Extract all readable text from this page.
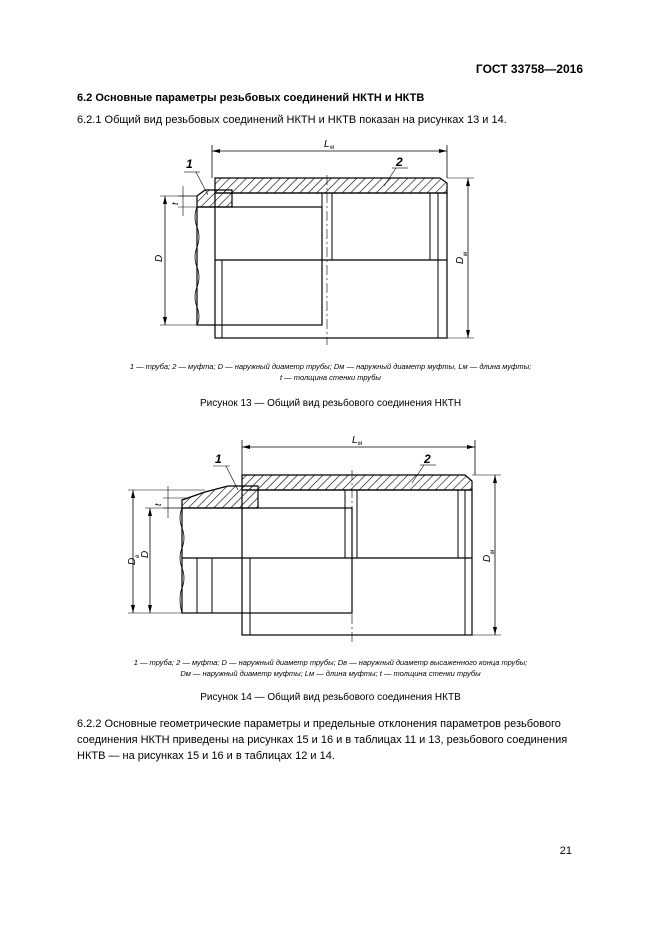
ГОСТ 33758—2016
6.2 Основные параметры резьбовых соединений НКТН и НКТВ
6.2.1 Общий вид резьбовых соединений НКТН и НКТВ показан на рисунках 13 и 14.
D
t
D
м
L м
1	2
1 — труба; 2 — муфта; D — наружный диаметр трубы; Dм — наружный диаметр муфты, Lм — длина муфты;
t — толщина стенки трубы
Рисунок 13 — Общий вид резьбового соединения НКТН
D
в D
t
D
м
L м
1	2
1 — труба; 2 — муфта; D — наружный диаметр трубы; Dв — наружный диаметр высаженного конца трубы;
Dм — наружный диаметр муфты; Lм — длина муфты; t — толщина стенки трубы
Рисунок 14 — Общий вид резьбового соединения НКТВ
6.2.2 Основные геометрические параметры и предельные отклонения параметров резьбового соединения НКТН приведены на рисунках 15 и 16 и в таблицах 11 и 13, резьбового соединения НКТВ — на рисунках 15 и 16 и в таблицах 12 и 14.
21
